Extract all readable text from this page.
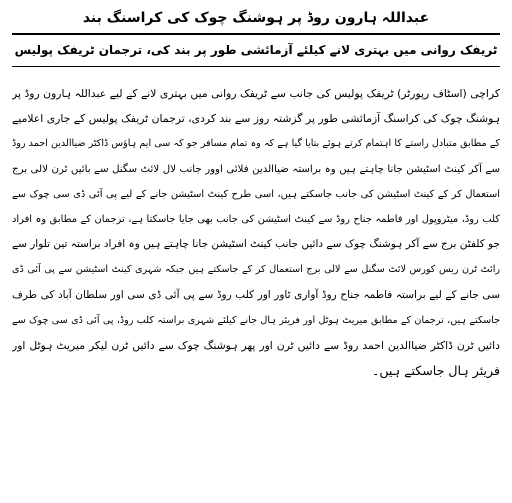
عبداللہ ہارون روڈ پر ہوشنگ چوک کی کراسنگ بند
ٹریفک روانی میں بہتری لانے کیلئے آزمائشی طور پر بند کی، ترجمان ٹریفک پولیس
کراچی (اسٹاف رپورٹر) ٹریفک پولیس کی جانب سے ٹریفک روانی میں بہتری لانے کے لیے عبداللہ ہارون روڈ پر
ہوشنگ چوک کی کراسنگ آزمائشی طور پر گزشتہ روز سے بند کردی، ترجمان ٹریفک پولیس کے جاری اعلامیے
کے مطابق متبادل راستے کا اہتمام کرتے ہوئے بتایا گیا ہے کہ وہ تمام مسافر جو کہ سی ایم ہاؤس ڈاکٹر ضیاالدین احمد روڈ
سے آکر کینٹ اسٹیشن جانا چاہتے ہیں وہ براستہ ضیاالدین فلائی اوور جانب لال لائٹ سگنل سے بائیں ٹرن لالی برج
استعمال کر کے کینٹ اسٹیشن کی جانب جاسکتے ہیں، اسی طرح کینٹ اسٹیشن جانے کے لیے پی آئی ڈی سی چوک سے
کلب روڈ، میٹروپول اور فاطمہ جناح روڈ سے کینٹ اسٹیشن کی جانب بھی جایا جاسکتا ہے، ترجمان کے مطابق وہ افراد
جو کلفٹن برج سے آکر ہوشنگ چوک سے دائیں جانب کینٹ اسٹیشن جانا چاہتے ہیں وہ افراد براستہ تین تلوار سے
رائٹ ٹرن ریس کورس لائٹ سگنل سے لالی برج استعمال کر کے جاسکتے ہیں جبکہ شہری کینٹ اسٹیشن سے پی آئی ڈی
سی جانے کے لیے براستہ فاطمہ جناح روڈ آواری ٹاور اور کلب روڈ سے پی آئی ڈی سی اور سلطان آباد کی طرف
جاسکتے ہیں، ترجمان کے مطابق میریٹ ہوٹل اور فریئر ہال جانے کیلئے شہری براستہ کلب روڈ، پی آئی ڈی سی چوک سے
دائیں ٹرن ڈاکٹر ضیاالدین احمد روڈ سے دائیں ٹرن اور پھر ہوشنگ چوک سے دائیں ٹرن لیکر میریٹ ہوٹل اور
فریئر ہال جاسکتے ہیں۔
